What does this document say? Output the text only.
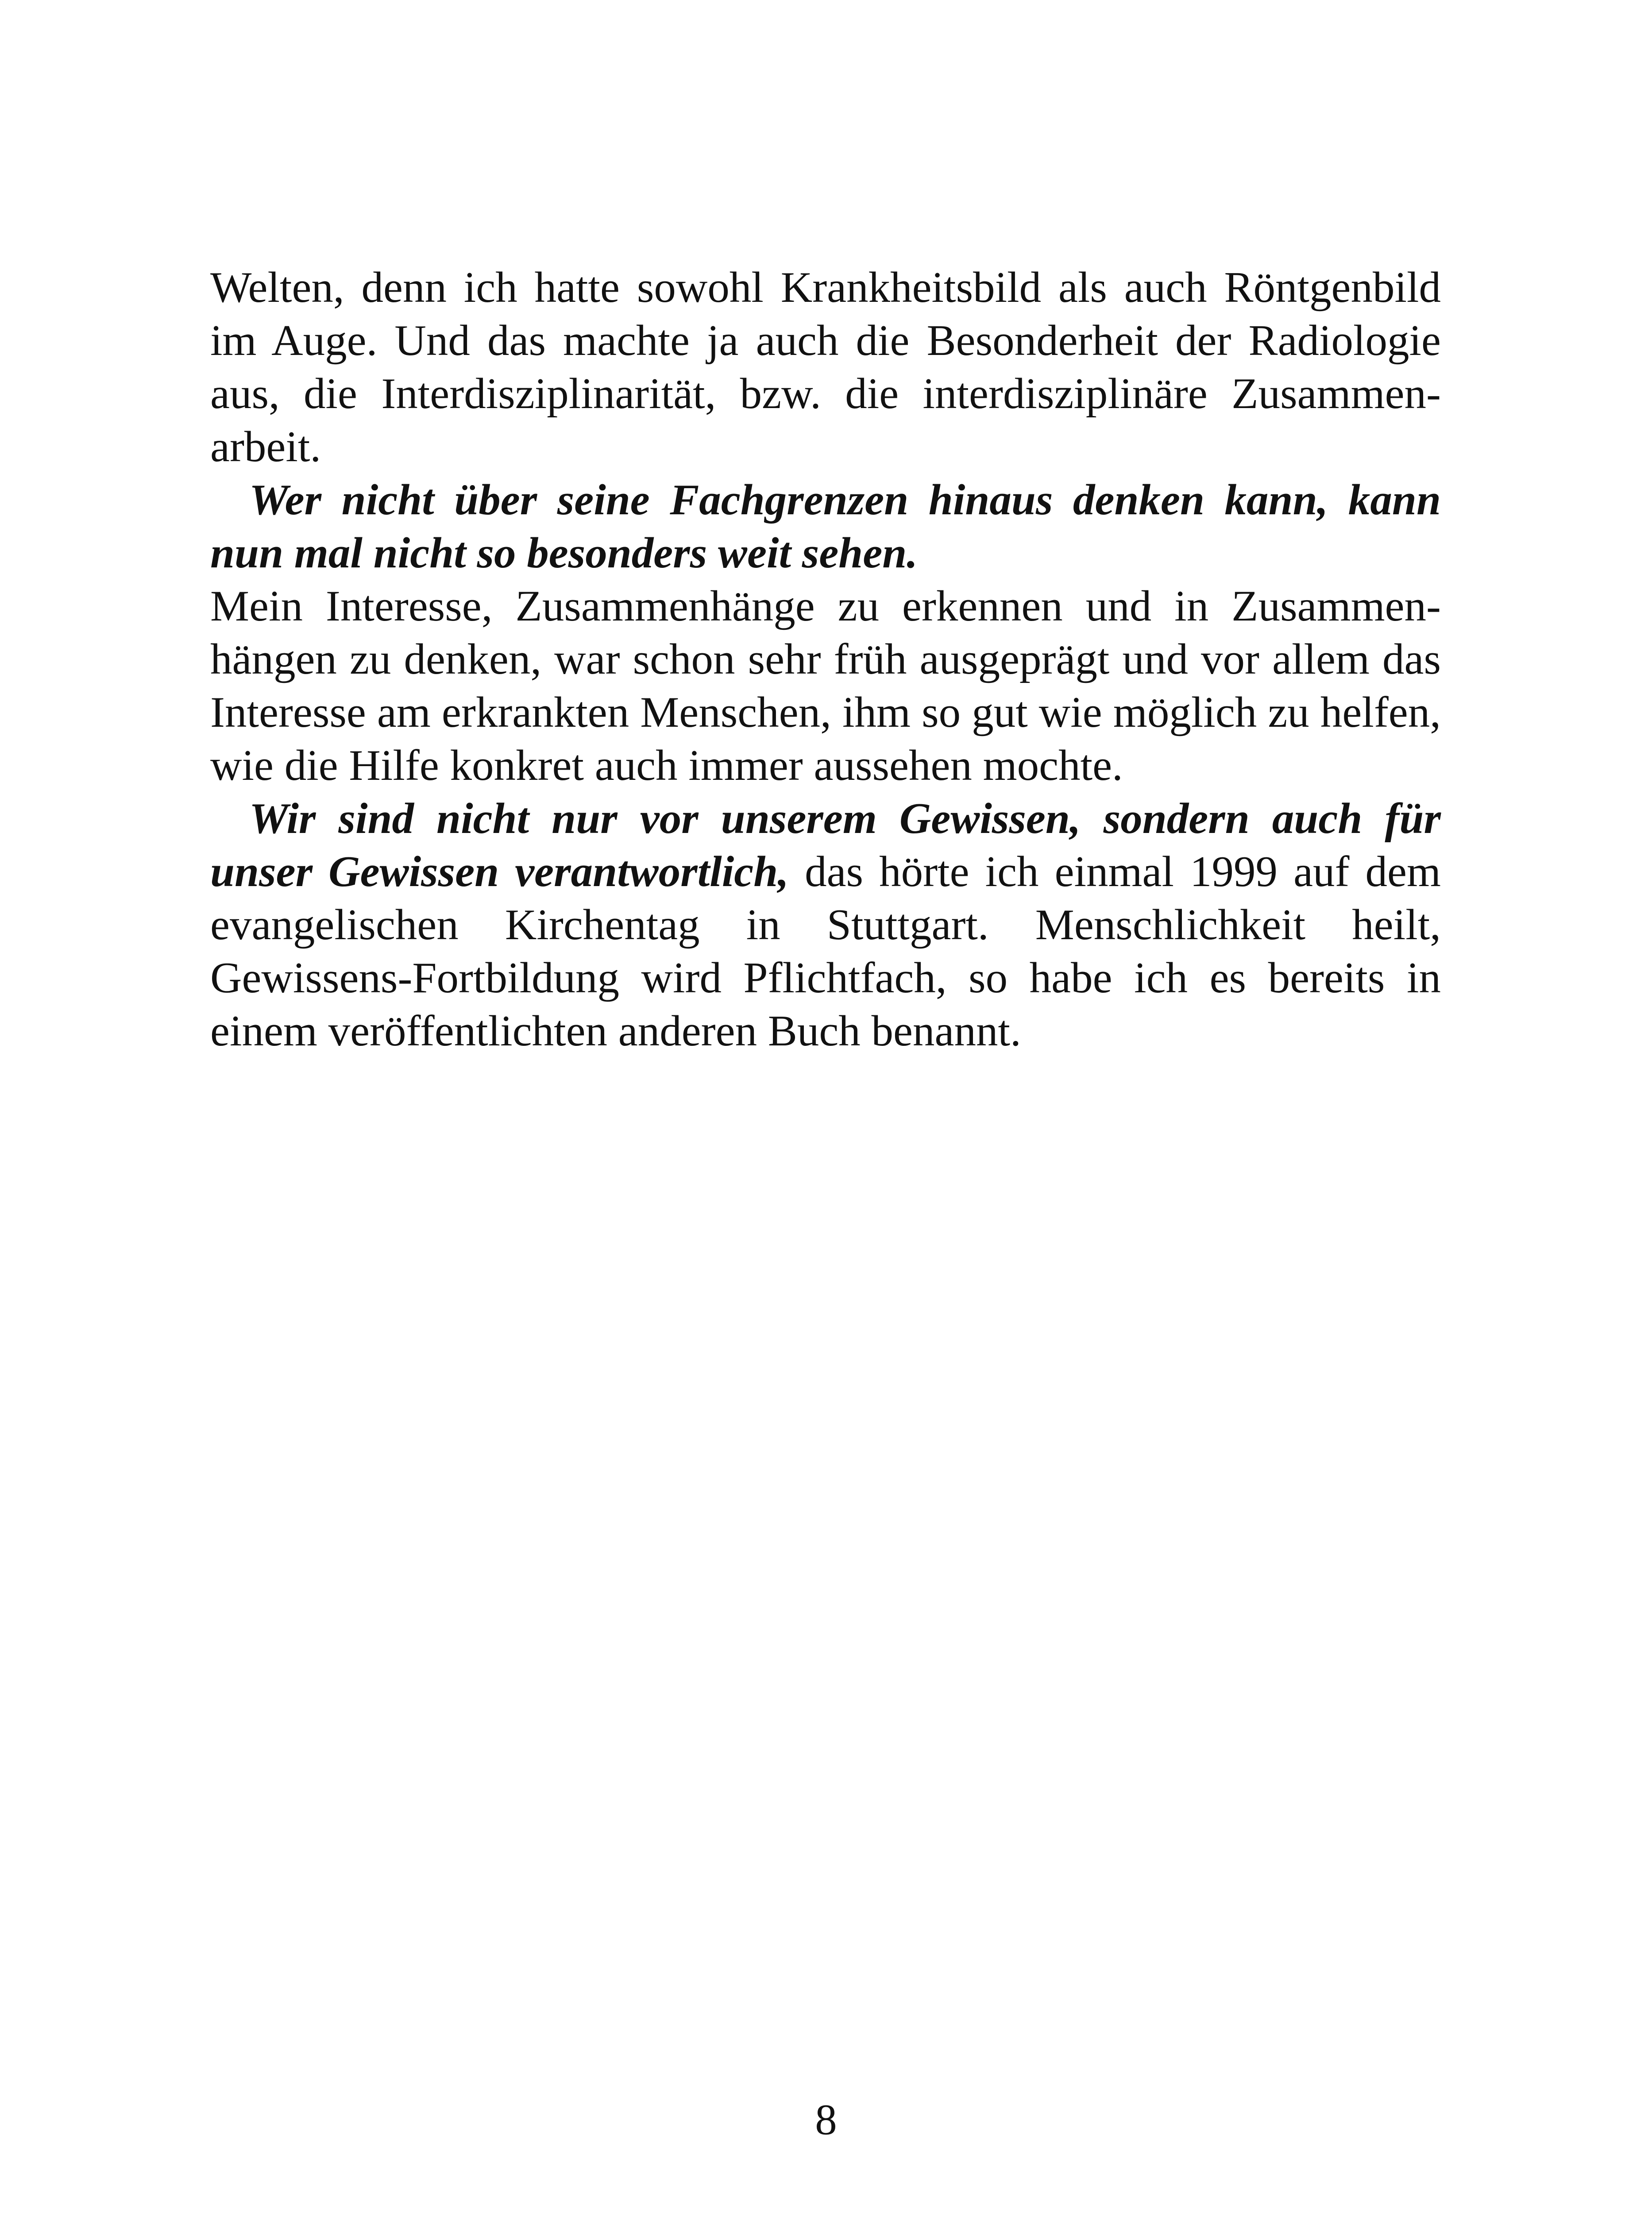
Welten, denn ich hatte sowohl Krankheitsbild als auch Röntgenbild im Auge. Und das machte ja auch die Besonderheit der Radiologie aus, die Interdisziplinarität, bzw. die interdisziplinäre Zusammen-arbeit.

Wer nicht über seine Fachgrenzen hinaus denken kann, kann nun mal nicht so besonders weit sehen.

Mein Interesse, Zusammenhänge zu erkennen und in Zusammen-hängen zu denken, war schon sehr früh ausgeprägt und vor allem das Interesse am erkrankten Menschen, ihm so gut wie möglich zu helfen, wie die Hilfe konkret auch immer aussehen mochte.

Wir sind nicht nur vor unserem Gewissen, sondern auch für unser Gewissen verantwortlich, das hörte ich einmal 1999 auf dem evangelischen Kirchentag in Stuttgart. Menschlichkeit heilt, Gewissens-Fortbildung wird Pflichtfach, so habe ich es bereits in einem veröffentlichten anderen Buch benannt.

8
